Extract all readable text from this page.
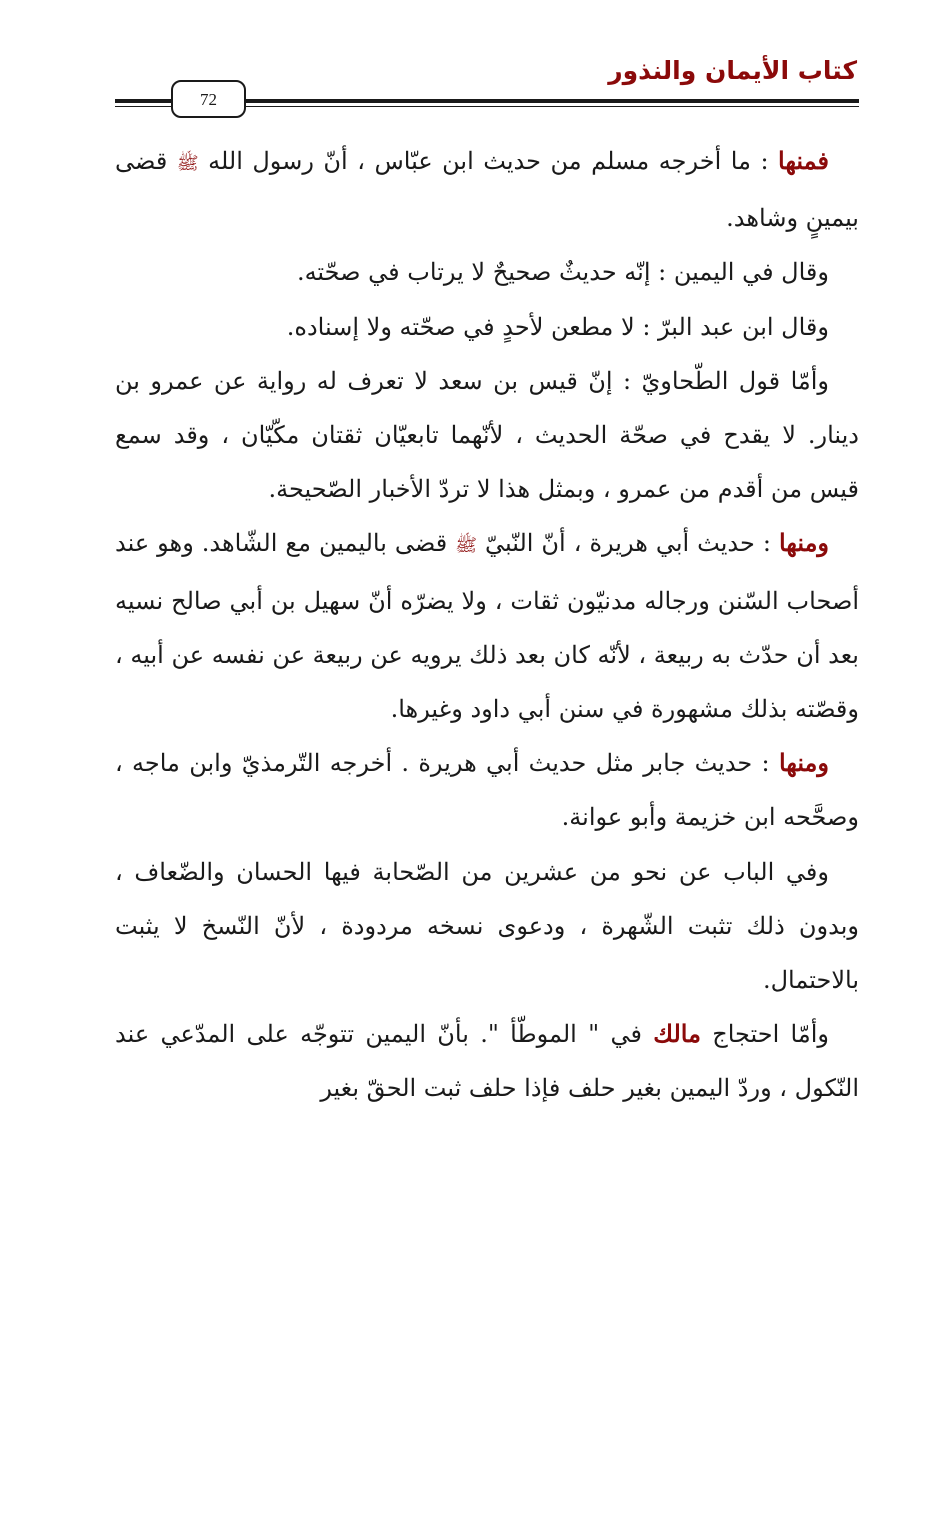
كتاب الأيمان والنذور
72

فمنها : ما أخرجه مسلم من حديث ابن عبّاس ، أنّ رسول الله ﷺ قضى بيمينٍ وشاهد.

وقال في اليمين : إنّه حديثٌ صحيحٌ لا يرتاب في صحّته.

وقال ابن عبد البرّ : لا مطعن لأحدٍ في صحّته ولا إسناده.

وأمّا قول الطّحاويّ : إنّ قيس بن سعد لا تعرف له رواية عن عمرو بن دينار. لا يقدح في صحّة الحديث ، لأنّهما تابعيّان ثقتان مكّيّان ، وقد سمع قيس من أقدم من عمرو ، وبمثل هذا لا تردّ الأخبار الصّحيحة.

ومنها : حديث أبي هريرة ، أنّ النّبيّ ﷺ قضى باليمين مع الشّاهد. وهو عند أصحاب السّنن ورجاله مدنيّون ثقات ، ولا يضرّه أنّ سهيل بن أبي صالح نسيه بعد أن حدّث به ربيعة ، لأنّه كان بعد ذلك يرويه عن ربيعة عن نفسه عن أبيه ، وقصّته بذلك مشهورة في سنن أبي داود وغيرها.

ومنها : حديث جابر مثل حديث أبي هريرة . أخرجه التّرمذيّ وابن ماجه ، وصحَّحه ابن خزيمة وأبو عوانة.

وفي الباب عن نحو من عشرين من الصّحابة فيها الحسان والضّعاف ، وبدون ذلك تثبت الشّهرة ، ودعوى نسخه مردودة ، لأنّ النّسخ لا يثبت بالاحتمال.

وأمّا احتجاج مالك في " الموطّأ ". بأنّ اليمين تتوجّه على المدّعي عند النّكول ، وردّ اليمين بغير حلف فإذا حلف ثبت الحقّ بغير
